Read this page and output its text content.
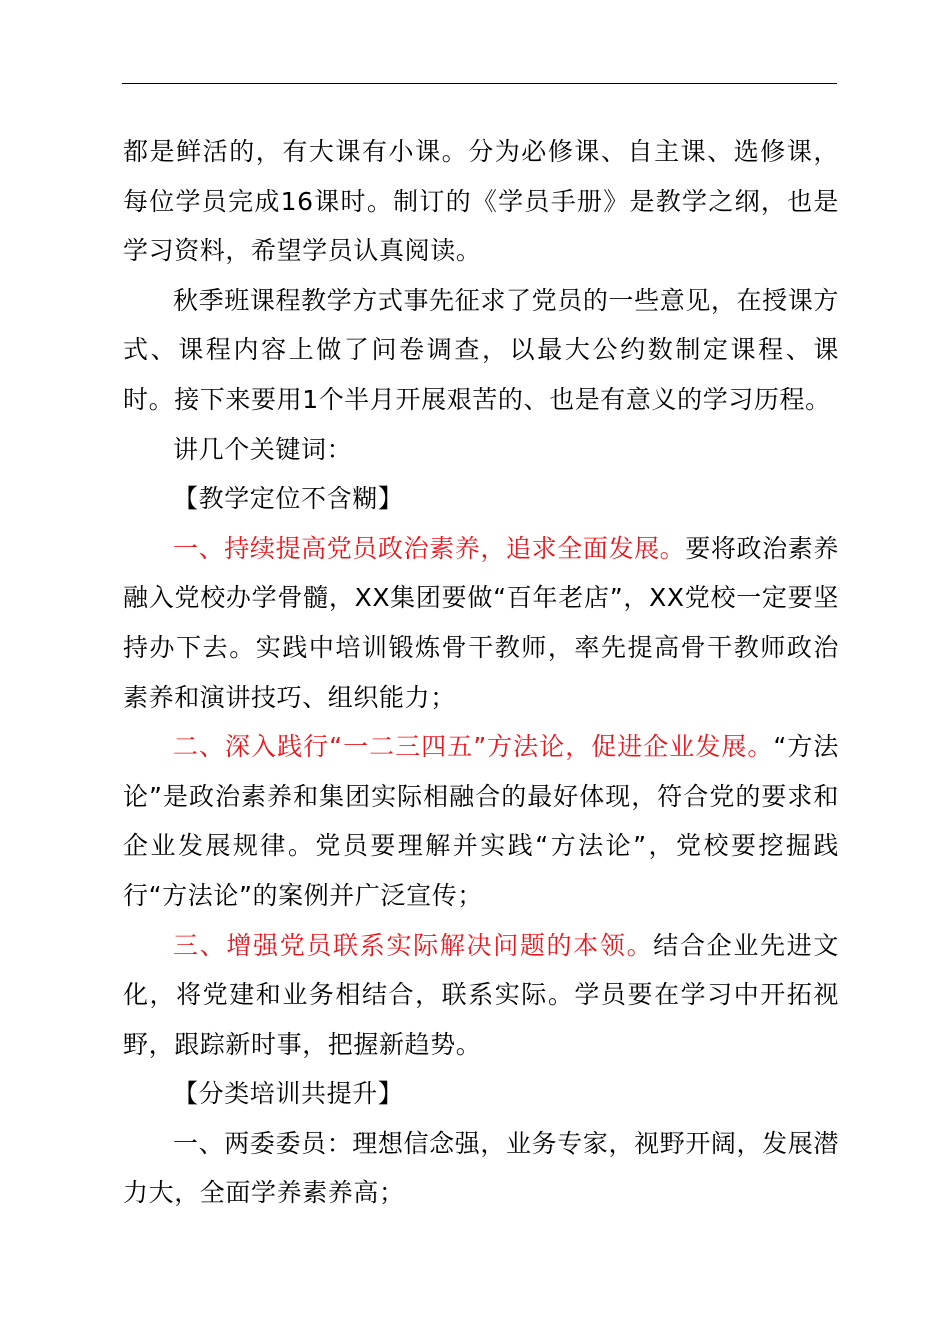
都是鲜活的，有大课有小课。分为必修课、自主课、选修课，每位学员完成16课时。制订的《学员手册》是教学之纲，也是学习资料，希望学员认真阅读。

秋季班课程教学方式事先征求了党员的一些意见，在授课方式、课程内容上做了问卷调查，以最大公约数制定课程、课时。接下来要用1个半月开展艰苦的、也是有意义的学习历程。

讲几个关键词：

【教学定位不含糊】

一、持续提高党员政治素养，追求全面发展。要将政治素养融入党校办学骨髓，XX集团要做“百年老店”，XX党校一定要坚持办下去。实践中培训锻炼骨干教师，率先提高骨干教师政治素养和演讲技巧、组织能力；

二、深入践行“一二三四五”方法论，促进企业发展。“方法论”是政治素养和集团实际相融合的最好体现，符合党的要求和企业发展规律。党员要理解并实践“方法论”，党校要挖掘践行“方法论”的案例并广泛宣传；

三、增强党员联系实际解决问题的本领。结合企业先进文化，将党建和业务相结合，联系实际。学员要在学习中开拓视野，跟踪新时事，把握新趋势。

【分类培训共提升】

一、两委委员：理想信念强，业务专家，视野开阔，发展潜力大，全面学养素养高；
